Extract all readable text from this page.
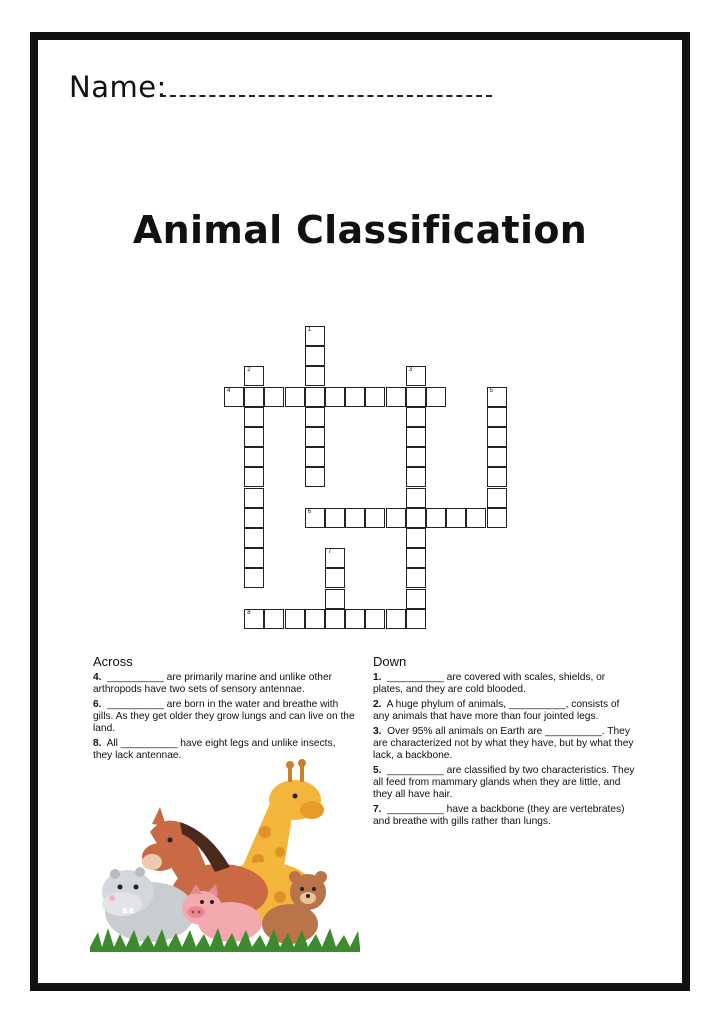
Name:
Animal Classification
4
6
8
1
2	3
5
7
Across

4. __________ are primarily marine and unlike other arthropods have two sets of sensory antennae.

6. __________ are born in the water and breathe with gills. As they get older they grow lungs and can live on the land.

8. All __________ have eight legs and unlike insects, they lack antennae.

Down

1. __________ are covered with scales, shields, or plates, and they are cold blooded.

2. A huge phylum of animals, __________, consists of any animals that have more than four jointed legs.

3. Over 95% all animals on Earth are __________. They are characterized not by what they have, but by what they lack, a backbone.

5. __________ are classified by two characteristics. They all feed from mammary glands when they are little, and they all have hair.

7. __________ have a backbone (they are vertebrates) and breathe with gills rather than lungs.
